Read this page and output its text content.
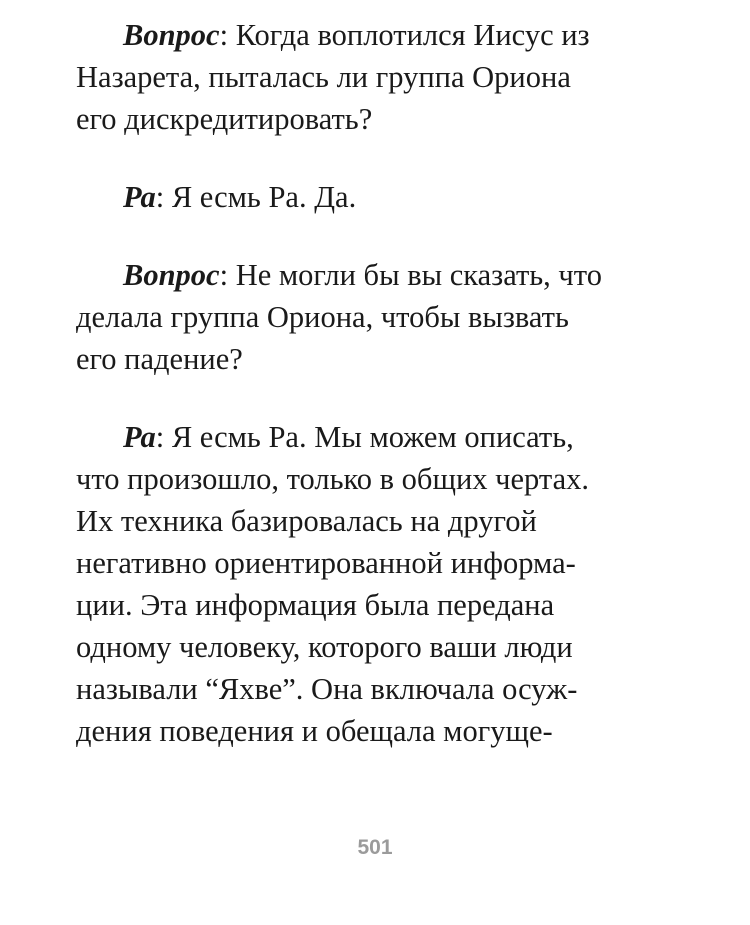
Вопрос: Когда воплотился Иисус из
Назарета, пыталась ли группа Ориона
его дискредитировать?

Ра: Я есмь Ра. Да.

Вопрос: Не могли бы вы сказать, что
делала группа Ориона, чтобы вызвать
его падение?

Ра: Я есмь Ра. Мы можем описать,
что произошло, только в общих чертах.
Их техника базировалась на другой
негативно ориентированной информа-
ции. Эта информация была передана
одному человеку, которого ваши люди
называли “Яхве”. Она включала осуж-
дения поведения и обещала могуще-

501
